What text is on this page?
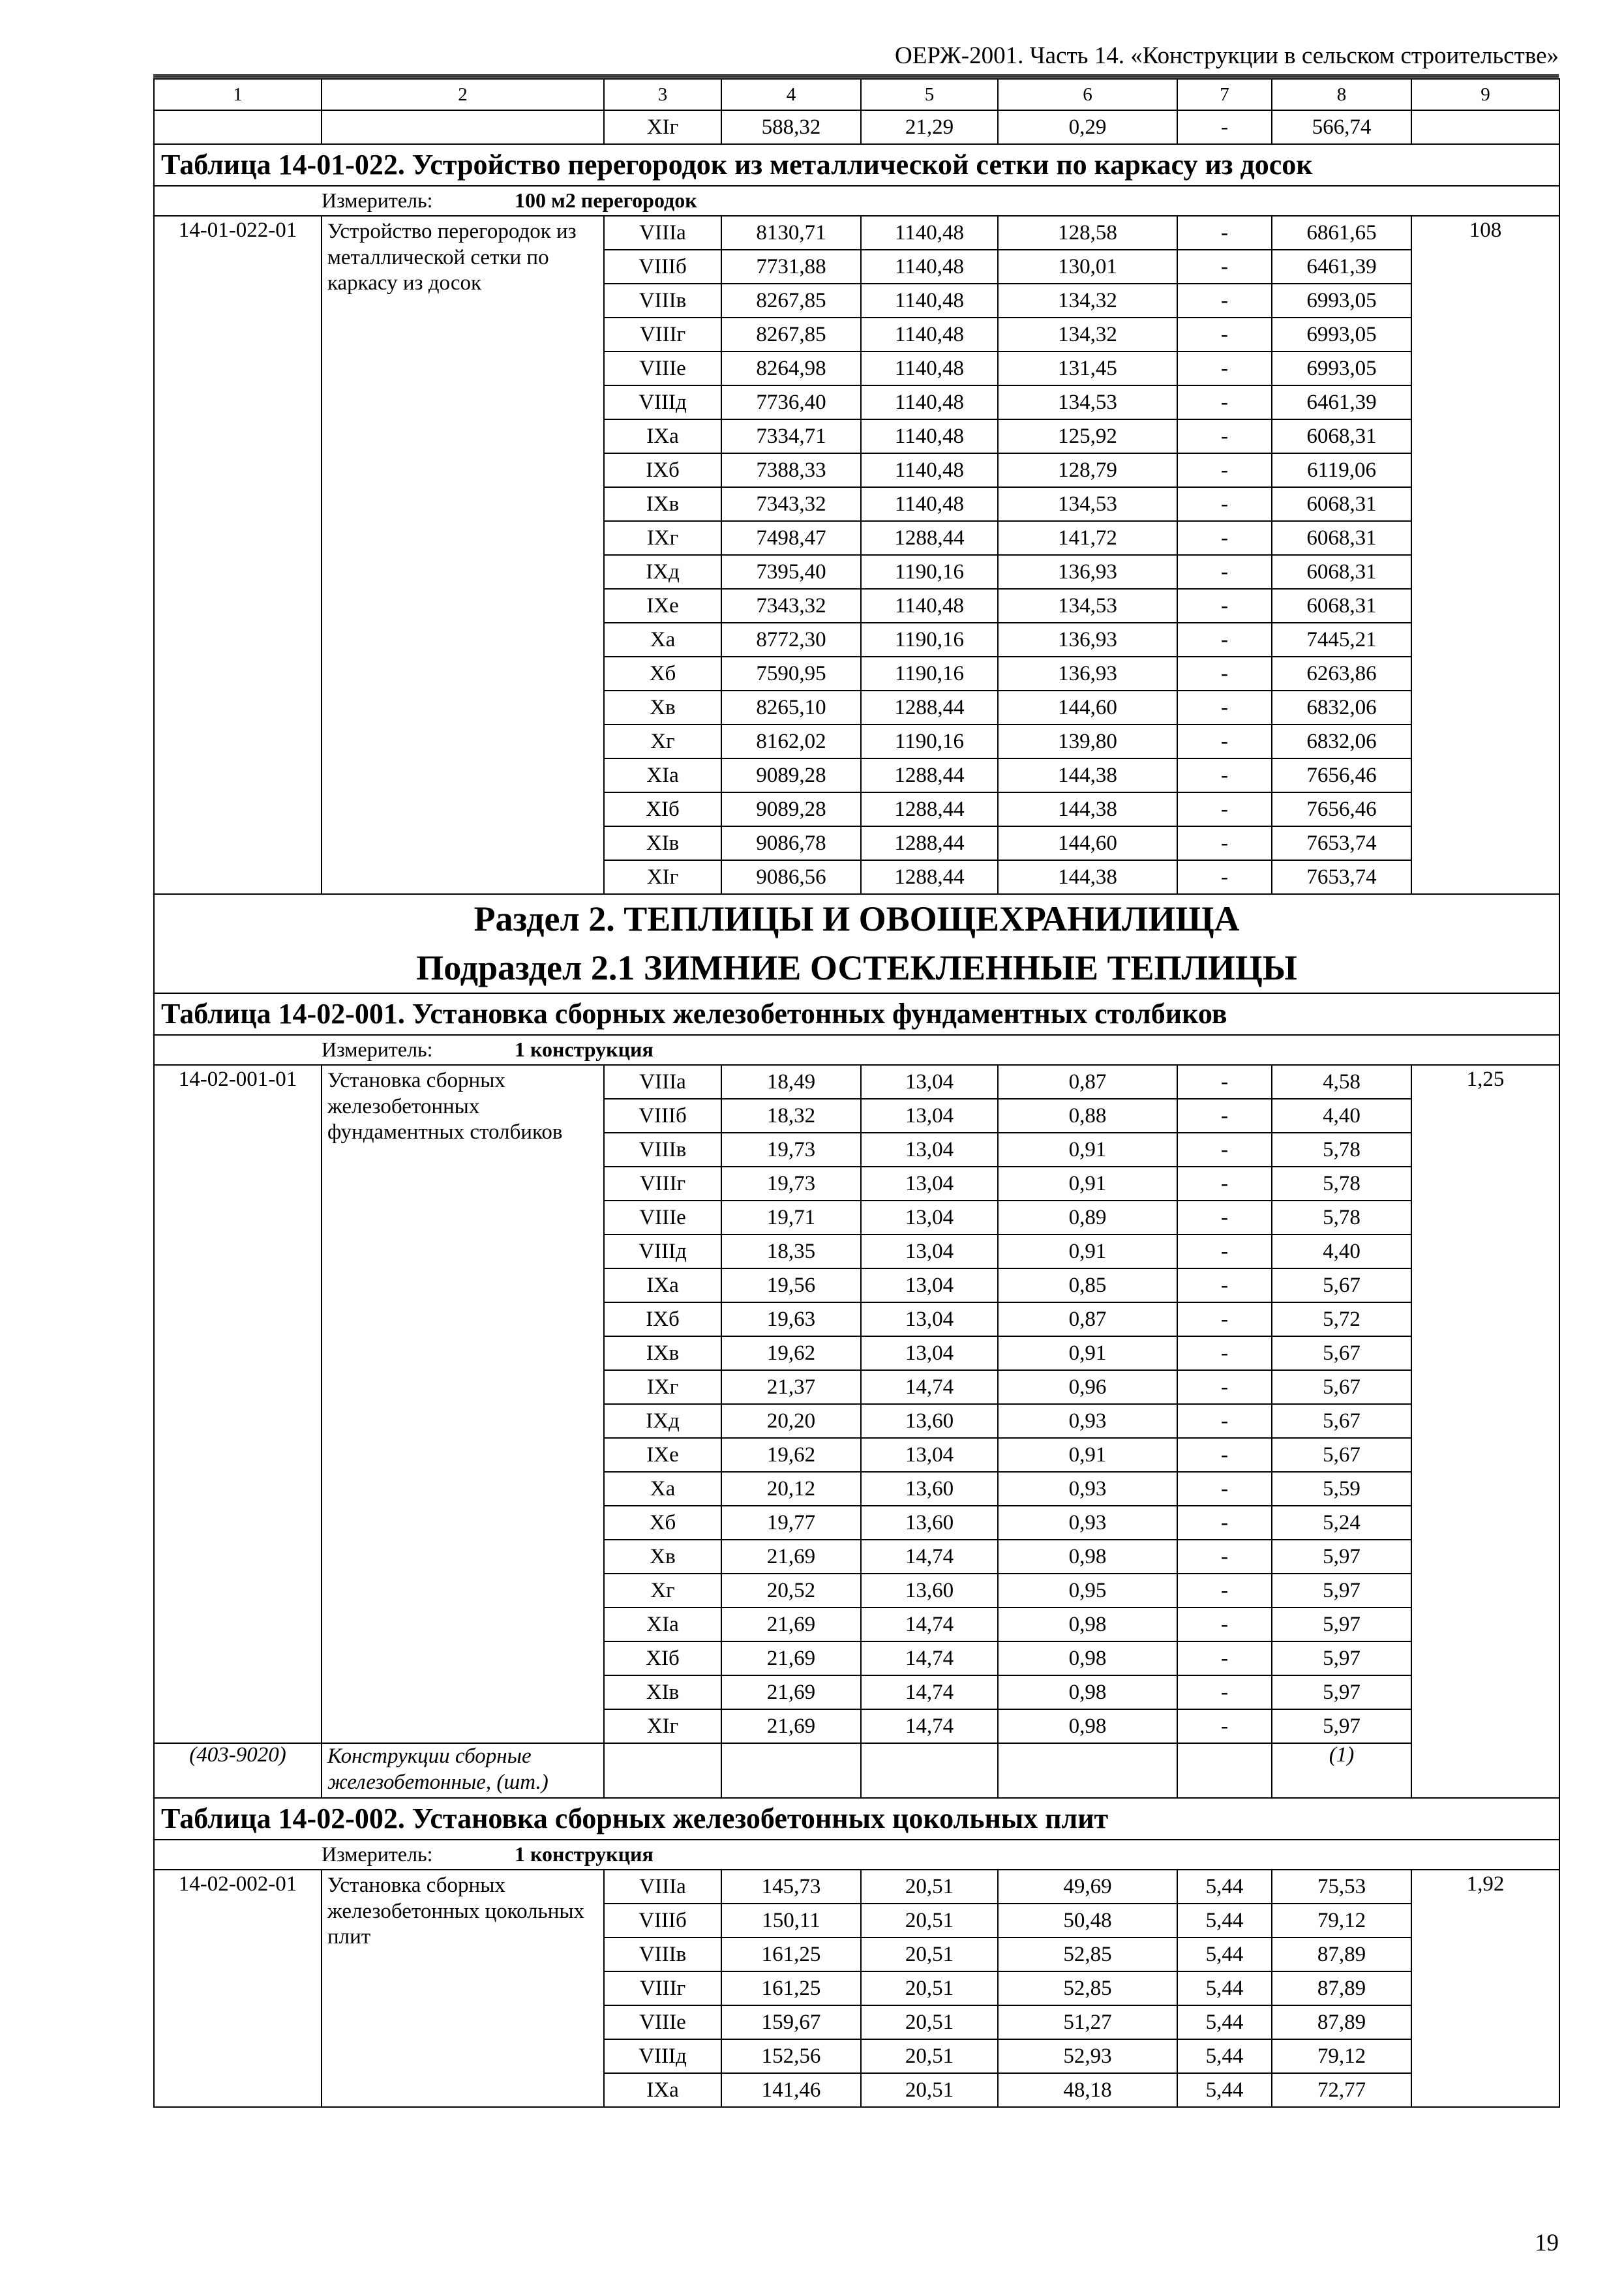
ОЕРЖ-2001. Часть 14. «Конструкции в сельском строительстве»
1	2	3	4	5	6	7	8	9
		XIг	588,32	21,29	0,29	-	566,74	
Таблица 14-01-022. Устройство перегородок из металлической сетки по каркасу из досок								
Измеритель: 100 м2 перегородок								
14-01-022-01	Устройство перегородок из металлической сетки по каркасу из досок	VIIIа	8130,71	1140,48	128,58	-	6861,65	108
		VIIIб	7731,88	1140,48	130,01	-	6461,39	
		VIIIв	8267,85	1140,48	134,32	-	6993,05	
		VIIIг	8267,85	1140,48	134,32	-	6993,05	
		VIIIе	8264,98	1140,48	131,45	-	6993,05	
		VIIIд	7736,40	1140,48	134,53	-	6461,39	
		IXа	7334,71	1140,48	125,92	-	6068,31	
		IXб	7388,33	1140,48	128,79	-	6119,06	
		IXв	7343,32	1140,48	134,53	-	6068,31	
		IXг	7498,47	1288,44	141,72	-	6068,31	
		IXд	7395,40	1190,16	136,93	-	6068,31	
		IXе	7343,32	1140,48	134,53	-	6068,31	
		Xа	8772,30	1190,16	136,93	-	7445,21	
		Xб	7590,95	1190,16	136,93	-	6263,86	
		Xв	8265,10	1288,44	144,60	-	6832,06	
		Xг	8162,02	1190,16	139,80	-	6832,06	
		XIа	9089,28	1288,44	144,38	-	7656,46	
		XIб	9089,28	1288,44	144,38	-	7656,46	
		XIв	9086,78	1288,44	144,60	-	7653,74	
		XIг	9086,56	1288,44	144,38	-	7653,74	

Раздел 2. ТЕПЛИЦЫ И ОВОЩЕХРАНИЛИЩА
Подраздел 2.1 ЗИМНИЕ ОСТЕКЛЕННЫЕ ТЕПЛИЦЫ								

Таблица 14-02-001. Установка сборных железобетонных фундаментных столбиков								
Измеритель: 1 конструкция								
14-02-001-01	Установка сборных железобетонных фундаментных столбиков	VIIIа	18,49	13,04	0,87	-	4,58	1,25
		VIIIб	18,32	13,04	0,88	-	4,40	
		VIIIв	19,73	13,04	0,91	-	5,78	
		VIIIг	19,73	13,04	0,91	-	5,78	
		VIIIе	19,71	13,04	0,89	-	5,78	
		VIIIд	18,35	13,04	0,91	-	4,40	
		IXа	19,56	13,04	0,85	-	5,67	
		IXб	19,63	13,04	0,87	-	5,72	
		IXв	19,62	13,04	0,91	-	5,67	
		IXг	21,37	14,74	0,96	-	5,67	
		IXд	20,20	13,60	0,93	-	5,67	
		IXе	19,62	13,04	0,91	-	5,67	
		Xа	20,12	13,60	0,93	-	5,59	
		Xб	19,77	13,60	0,93	-	5,24	
		Xв	21,69	14,74	0,98	-	5,97	
		Xг	20,52	13,60	0,95	-	5,97	
		XIа	21,69	14,74	0,98	-	5,97	
		XIб	21,69	14,74	0,98	-	5,97	
		XIв	21,69	14,74	0,98	-	5,97	
		XIг	21,69	14,74	0,98	-	5,97	
(403-9020)	Конструкции сборные железобетонные, (шт.)						(1)	
Таблица 14-02-002. Установка сборных железобетонных цокольных плит								
Измеритель: 1 конструкция								
14-02-002-01	Установка сборных железобетонных цокольных плит	VIIIа	145,73	20,51	49,69	5,44	75,53	1,92
		VIIIб	150,11	20,51	50,48	5,44	79,12	
		VIIIв	161,25	20,51	52,85	5,44	87,89	
		VIIIг	161,25	20,51	52,85	5,44	87,89	
		VIIIе	159,67	20,51	51,27	5,44	87,89	
		VIIIд	152,56	20,51	52,93	5,44	79,12	
		IXа	141,46	20,51	48,18	5,44	72,77	
19
